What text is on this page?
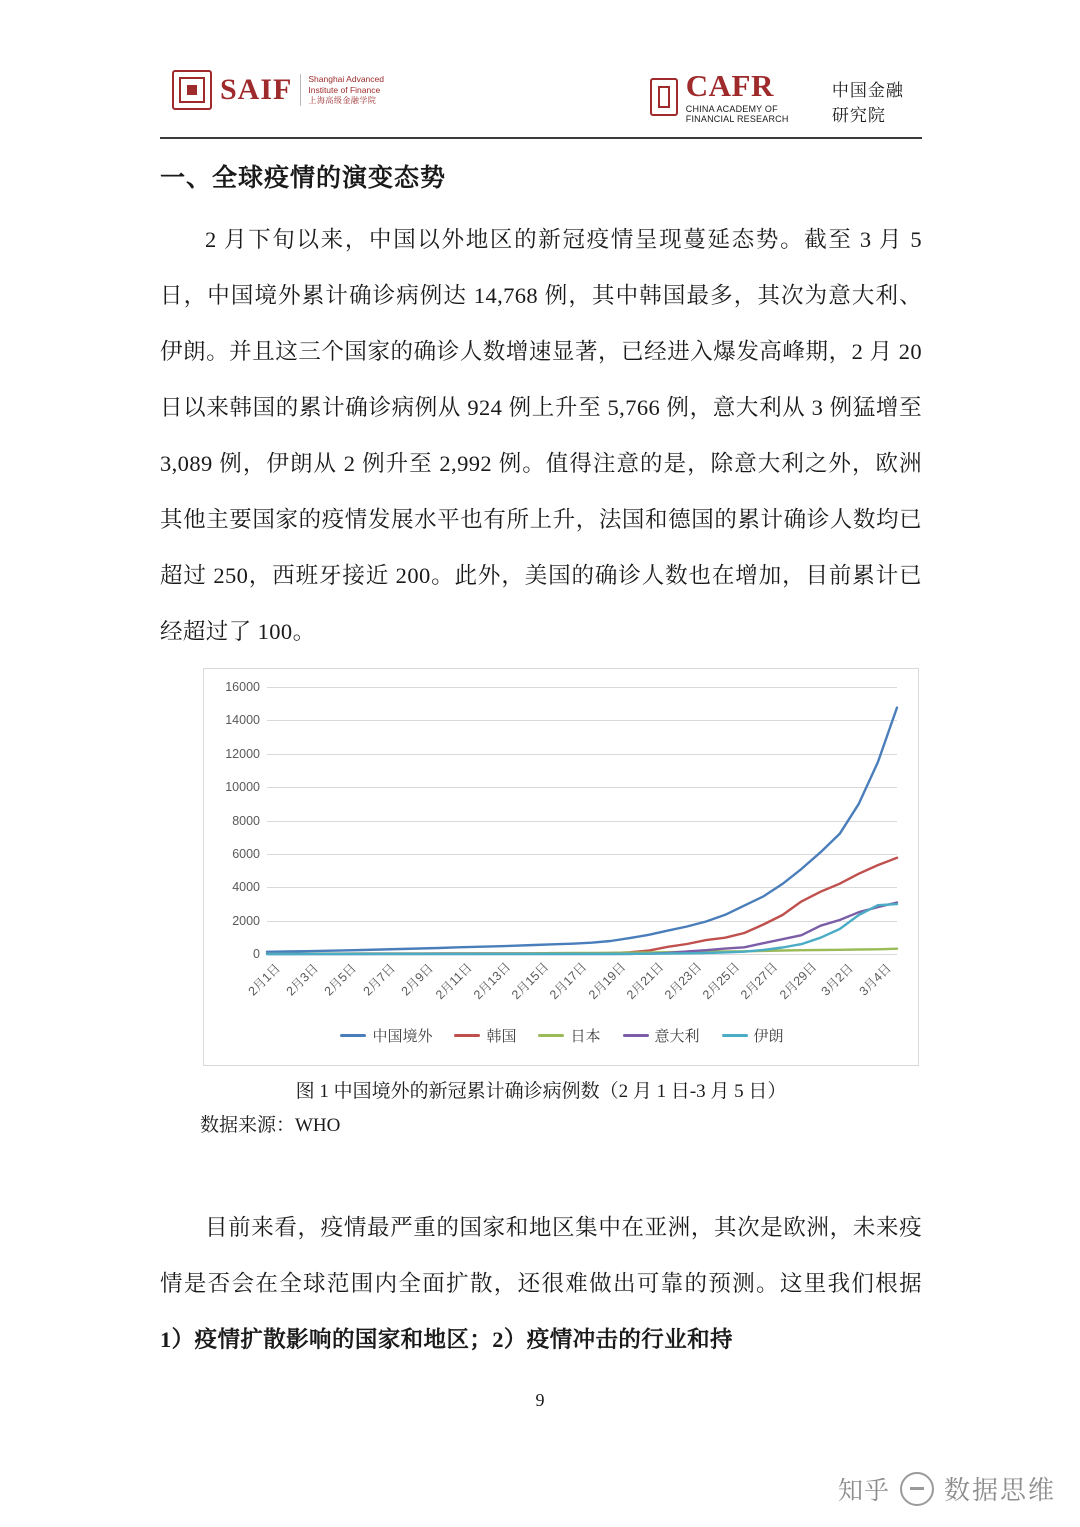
SAIF Shanghai Advanced
Institute of Finance
上海高级金融学院	CAFR
CHINA ACADEMY OF FINANCIAL RESEARCH
中国金融研究院
一、全球疫情的演变态势
2 月下旬以来，中国以外地区的新冠疫情呈现蔓延态势。截至 3 月 5 日，中国境外累计确诊病例达 14,768 例，其中韩国最多，其次为意大利、伊朗。并且这三个国家的确诊人数增速显著，已经进入爆发高峰期，2 月 20 日以来韩国的累计确诊病例从 924 例上升至 5,766 例，意大利从 3 例猛增至 3,089 例，伊朗从 2 例升至 2,992 例。值得注意的是，除意大利之外，欧洲其他主要国家的疫情发展水平也有所上升，法国和德国的累计确诊人数均已超过 250，西班牙接近 200。此外，美国的确诊人数也在增加，目前累计已经超过了 100。
0
2000
4000
6000
8000
10000
12000
14000
16000
2月1日 2月3日 2月5日 2月7日 2月9日
2月11日
2月13日
2月15日
2月17日
2月19日
2月21日
2月23日
2月25日
2月27日
2月29日 3月2日 3月4日
中国境外	韩国	日本	意大利	伊朗
图 1 中国境外的新冠累计确诊病例数（2 月 1 日-3 月 5 日）
数据来源：WHO
目前来看，疫情最严重的国家和地区集中在亚洲，其次是欧洲，未来疫情是否会在全球范围内全面扩散，还很难做出可靠的预测。这里我们根据 1）疫情扩散影响的国家和地区；2）疫情冲击的行业和持
9
知乎 数据思维
